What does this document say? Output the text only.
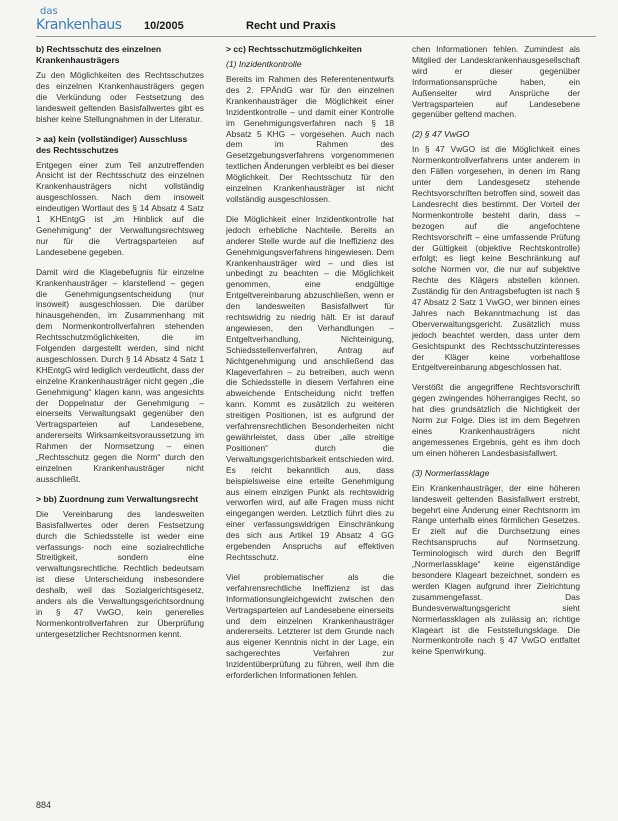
das
Krankenhaus 10/2005	Recht und Praxis
b) Rechtsschutz des einzelnen Krankenhausträgers

Zu den Möglichkeiten des Rechtsschutzes des einzelnen Krankenhausträgers gegen die Verkündung oder Festsetzung des landesweit geltenden Basisfallwertes gibt es bisher keine Stellungnahmen in der Literatur.

> aa) kein (vollständiger) Ausschluss des Rechtsschutzes

Entgegen einer zum Teil anzutreffenden Ansicht ist der Rechtsschutz des einzelnen Krankenhausträgers nicht vollständig ausgeschlossen. Nach dem insoweit eindeutigen Wortlaut des § 14 Absatz 4 Satz 1 KHEntgG ist „im Hinblick auf die Genehmigung“ der Verwaltungsrechtsweg nur für die Vertragsparteien auf Landesebene gegeben.

Damit wird die Klagebefugnis für einzelne Krankenhausträger – klarstellend – gegen die Genehmigungsentscheidung (nur insoweit) ausgeschlossen. Die darüber hinausgehenden, im Zusammenhang mit dem Normenkontrollverfahren stehenden Rechtsschutzmöglichkeiten, die im Folgenden dargestellt werden, sind nicht ausgeschlossen. Durch § 14 Absatz 4 Satz 1 KHEntgG wird lediglich verdeutlicht, dass der einzelne Krankenhausträger nicht gegen „die Genehmigung“ klagen kann, was angesichts der Doppelnatur der Genehmigung – einerseits Verwaltungsakt gegenüber den Vertragsparteien auf Landesebene, andererseits Wirksamkeitsvoraussetzung im Rahmen der Normsetzung – einen „Rechtsschutz gegen die Norm“ durch den einzelnen Krankenhausträger nicht ausschließt.

> bb) Zuordnung zum Verwaltungsrecht

Die Vereinbarung des landesweiten Basisfallwertes oder deren Festsetzung durch die Schiedsstelle ist weder eine verfassungs- noch eine sozialrechtliche Streitigkeit, sondern eine verwaltungsrechtliche. Rechtlich bedeutsam ist diese Unterscheidung insbesondere deshalb, weil das Sozialgerichtsgesetz, anders als die Verwaltungsgerichtsordnung in § 47 VwGO, kein generelles Normenkontrollverfahren zur Überprüfung untergesetzlicher Rechtsnormen kennt.

> cc) Rechtsschutzmöglichkeiten
(1) Inzidentkontrolle

Bereits im Rahmen des Referentenentwurfs des 2. FPÄndG war für den einzelnen Krankenhausträger die Möglichkeit einer Inzidentkontrolle – und damit einer Kontrolle im Genehmigungsverfahren nach § 18 Absatz 5 KHG – vorgesehen. Auch nach dem im Rahmen des Gesetzgebungsverfahrens vorgenommenen textlichen Änderungen verbleibt es bei dieser Möglichkeit. Der Rechtsschutz für den einzelnen Krankenhausträger ist nicht vollständig ausgeschlossen.

Die Möglichkeit einer Inzidentkontrolle hat jedoch erhebliche Nachteile. Bereits an anderer Stelle wurde auf die Ineffizienz des Genehmigungsverfahrens hingewiesen. Dem Krankenhausträger wird – und dies ist unbedingt zu beachten – die Möglichkeit genommen, eine endgültige Entgeltvereinbarung abzuschließen, wenn er den landesweiten Basisfallwert für rechtswidrig zu niedrig hält. Er ist darauf angewiesen, den Verhandlungen – Entgeltverhandlung, Nichteinigung, Schiedsstellenverfahren, Antrag auf Nichtgenehmigung und anschließend das Klageverfahren – zu betreiben, auch wenn die Schiedsstelle in diesem Verfahren eine abweichende Entscheidung nicht treffen kann. Kommt es zusätzlich zu weiteren streitigen Positionen, ist es aufgrund der verfahrensrechtlichen Besonderheiten nicht gewährleistet, dass über „alle streitige Positionen“ durch die Verwaltungsgerichtsbarkeit entschieden wird. Es reicht bekanntlich aus, dass beispielsweise eine erteilte Genehmigung aus einem einzigen Punkt als rechtswidrig verworfen wird, auf alle Fragen muss nicht eingegangen werden. Letztlich führt dies zu einer verfassungswidrigen Einschränkung des sich aus Artikel 19 Absatz 4 GG ergebenden Anspruchs auf effektiven Rechtsschutz.

Viel problematischer als die verfahrensrechtliche Ineffizienz ist das Informationsungleichgewicht zwischen den Vertragsparteien auf Landesebene einerseits und dem einzelnen Krankenhausträger andererseits. Letzterer ist dem Grunde nach aus eigener Kenntnis nicht in der Lage, ein sachgerechtes Verfahren zur Inzidentüberprüfung zu führen, weil ihm die erforderlichen Informationen fehlen.

chen Informationen fehlen. Zumindest als Mitglied der Landeskrankenhausgesellschaft wird er dieser gegenüber Informationsansprüche haben, ein Außenseiter wird Ansprüche der Vertragsparteien auf Landesebene gegenüber geltend machen.

(2) § 47 VwGO

In § 47 VwGO ist die Möglichkeit eines Normenkontrollverfahrens unter anderem in den Fällen vorgesehen, in denen im Rang unter dem Landesgesetz stehende Rechtsvorschriften betroffen sind, soweit das Landesrecht dies bestimmt. Der Vorteil der Normenkontrolle besteht darin, dass – bezogen auf die angefochtene Rechtsvorschrift – eine umfassende Prüfung der Gültigkeit (objektive Rechtskontrolle) erfolgt; es liegt keine Beschränkung auf solche Normen vor, die nur auf subjektive Rechte des Klägers abstellen können. Zuständig für den Antragsbefugten ist nach § 47 Absatz 2 Satz 1 VwGO, wer binnen eines Jahres nach Bekanntmachung ist das Oberverwaltungsgericht. Zusätzlich muss jedoch beachtet werden, dass unter dem Gesichtspunkt des Rechtsschutzinteresses der Kläger keine vorbehaltlose Entgeltvereinbarung abgeschlossen hat.

Verstößt die angegriffene Rechtsvorschrift gegen zwingendes höherrangiges Recht, so hat dies grundsätzlich die Nichtigkeit der Norm zur Folge. Dies ist im dem Begehren eines Krankenhausträgers nicht angemessenes Ergebnis, geht es ihm doch um einen höheren Landesbasisfallwert.

(3) Normerlassklage

Ein Krankenhausträger, der eine höheren landesweit geltenden Basisfallwert erstrebt, begehrt eine Änderung einer Rechtsnorm im Range unterhalb eines förmlichen Gesetzes. Er zielt auf die Durchsetzung eines Rechtsanspruchs auf Normsetzung. Terminologisch wird durch den Begriff „Normerlassklage“ keine eigenständige besondere Klageart bezeichnet, sondern es werden Klagen aufgrund ihrer Zielrichtung zusammengefasst. Das Bundesverwaltungsgericht sieht Normerlassklagen als zulässig an; richtige Klageart ist die Feststellungsklage. Die Normenkontrolle nach § 47 VwGO entfaltet keine Sperrwirkung.

884
